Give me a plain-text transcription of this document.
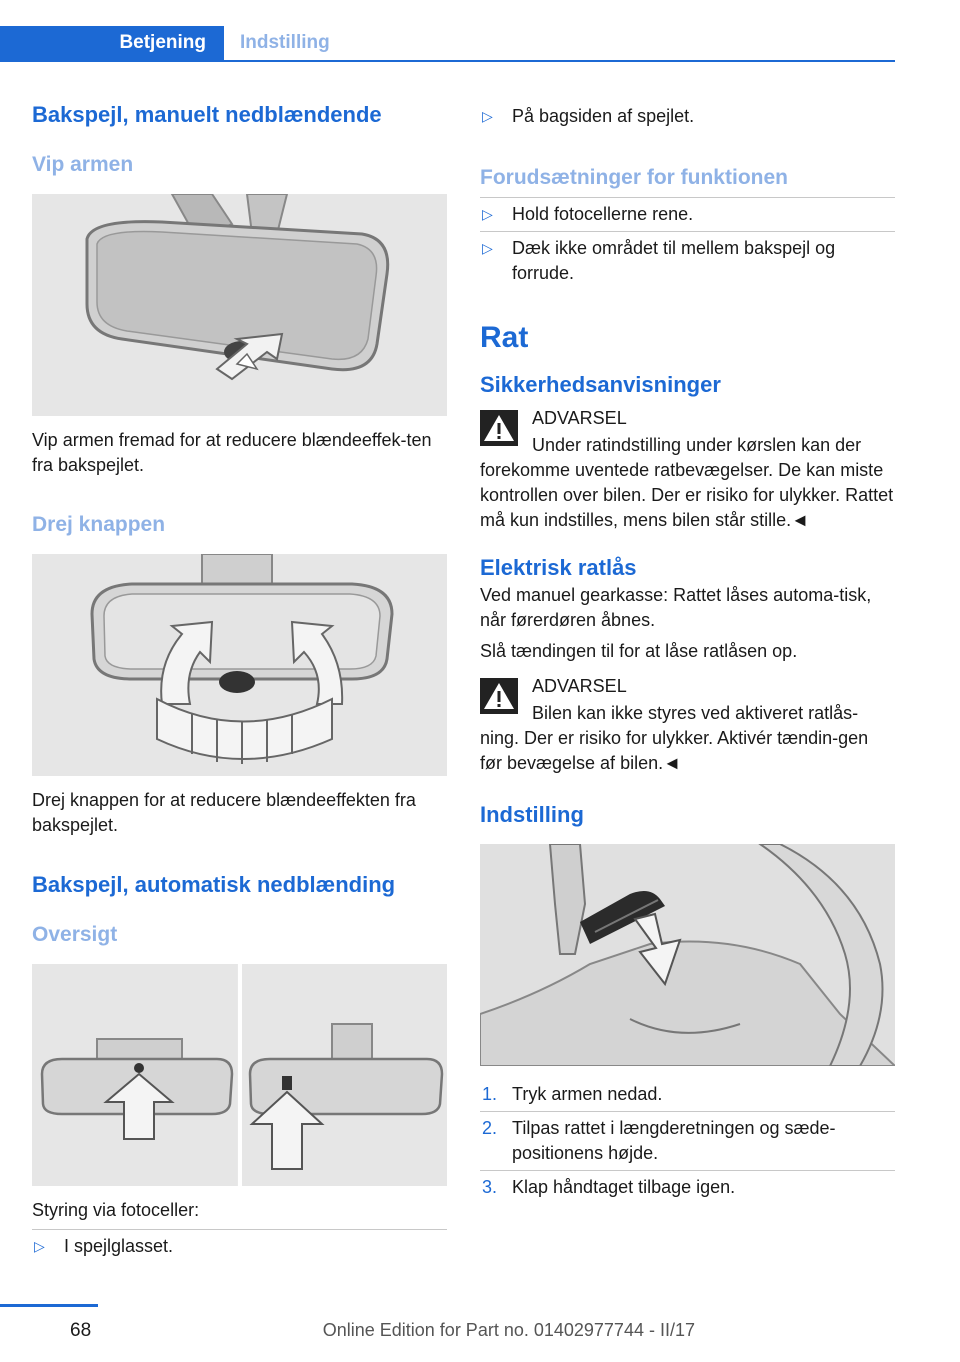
Betjening Indstilling
Bakspejl, manuelt nedblændende
Vip armen

Vip armen fremad for at reducere blændeeffek-ten fra bakspejlet.

Drej knappen

Drej knappen for at reducere blændeeffekten fra bakspejlet.

Bakspejl, automatisk nedblænding
Oversigt

Styring via fotoceller:

▷ I spejlglasset.
▷ På bagsiden af spejlet.
Forudsætninger for funktionen
▷ Hold fotocellerne rene.
▷ Dæk ikke området til mellem bakspejl og forrude.
Rat
Sikkerhedsanvisninger
ADVARSEL

Under ratindstilling under kørslen kan der forekomme uventede ratbevægelser. De kan miste kontrollen over bilen. Der er risiko for ulykker. Rattet må kun indstilles, mens bilen står stille.◄

Elektrisk ratlås

Ved manuel gearkasse: Rattet låses automa-tisk, når førerdøren åbnes.

Slå tændingen til for at låse ratlåsen op.

ADVARSEL

Bilen kan ikke styres ved aktiveret ratlås-ning. Der er risiko for ulykker. Aktivér tændin-gen før bevægelse af bilen.◄

Indstilling
1. Tryk armen nedad.
2. Tilpas rattet i længderetningen og sæde-positionens højde.
3. Klap håndtaget tilbage igen.
68	Online Edition for Part no. 01402977744 - II/17
